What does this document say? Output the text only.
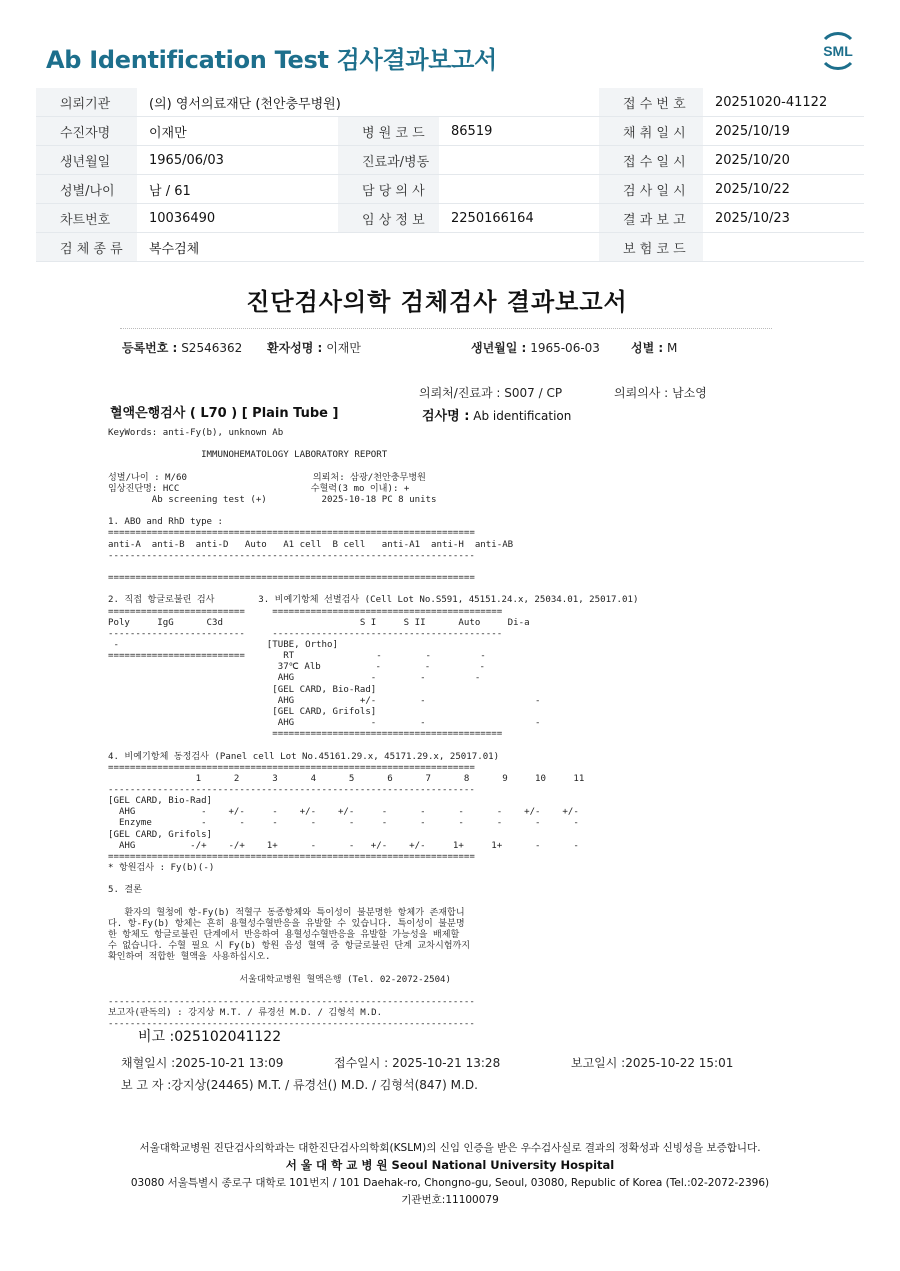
Ab Identification Test 검사결과보고서	SML
의뢰기관	(의) 영서의료재단 (천안충무병원)			접 수 번 호	20251020-41122
수진자명	이재만	병 원 코 드	86519	채 취 일 시	2025/10/19
생년월일	1965/06/03	진료과/병동		접 수 일 시	2025/10/20
성별/나이	남 / 61	담 당 의 사		검 사 일 시	2025/10/22
차트번호	10036490	임 상 정 보	2250166164	결 과 보 고	2025/10/23
검 체 종 류	복수검체			보 험 코 드	
진단검사의학 검체검사 결과보고서
등록번호 : S2546362 환자성명 : 이재만	생년월일 : 1965-06-03	성별 : M
의뢰처/진료과 : S007 / CP	의뢰의사 : 남소영
혈액은행검사 ( L70 ) [ Plain Tube ]	검사명 : Ab identification
KeyWords: anti-Fy(b), unknown Ab

IMMUNOHEMATOLOGY LABORATORY REPORT

성별/나이 : M/60                       의뢰처: 삼광/천안충무병원
임상진단명: HCC                        수혈력(3 mo 이내): +
Ab screening test (+)          2025-10-18 PC 8 units

1. ABO and RhD type :
===================================================================
anti-A  anti-B  anti-D   Auto   A1 cell  B cell   anti-A1  anti-H  anti-AB
-------------------------------------------------------------------

===================================================================

2. 직접 항글로불린 검사        3. 비예기항체 선별검사 (Cell Lot No.S591, 45151.24.x, 25034.01, 25017.01)
=========================     ==========================================
Poly     IgG      C3d                         S I     S II      Auto     Di-a
-------------------------     ------------------------------------------
-                           [TUBE, Ortho]
=========================       RT               -        -         -
37℃ Alb          -        -         -
AHG              -        -         -
[GEL CARD, Bio-Rad]
AHG            +/-        -                    -
[GEL CARD, Grifols]
AHG              -        -                    -
==========================================

4. 비예기항체 동정검사 (Panel cell Lot No.45161.29.x, 45171.29.x, 25017.01)
===================================================================
1      2      3      4      5      6      7      8      9     10     11
-------------------------------------------------------------------
[GEL CARD, Bio-Rad]
AHG            -    +/-     -    +/-    +/-     -      -      -      -    +/-    +/-
Enzyme         -      -     -      -      -     -      -      -      -      -      -
[GEL CARD, Grifols]
AHG          -/+    -/+    1+      -      -   +/-    +/-     1+     1+      -      -
===================================================================
* 항원검사 : Fy(b)(-)

5. 결론

환자의 혈청에 항-Fy(b) 적혈구 동종항체와 특이성이 불분명한 항체가 존재합니
다. 항-Fy(b) 항체는 흔히 용혈성수혈반응을 유발할 수 있습니다. 특이성이 불분명
한 항체도 항글로불린 단계에서 반응하여 용혈성수혈반응을 유발할 가능성을 배제할
수 없습니다. 수혈 필요 시 Fy(b) 항원 음성 혈액 중 항글로불린 단계 교차시험까지
확인하여 적합한 혈액을 사용하십시오.

서울대학교병원 혈액은행 (Tel. 02-2072-2504)

-------------------------------------------------------------------
보고자(판독의) : 강지상 M.T. / 류경선 M.D. / 김형석 M.D.
-------------------------------------------------------------------

비고 :025102041122
채혈일시 :2025-10-21 13:09	접수일시 : 2025-10-21 13:28	보고일시 :2025-10-22 15:01
보 고 자 :강지상(24465) M.T. / 류경선() M.D. / 김형석(847) M.D.
서울대학교병원 진단검사의학과는 대한진단검사의학회(KSLM)의 신임 인증을 받은 우수검사실로 결과의 정확성과 신빙성을 보증합니다.
서 울 대 학 교 병 원 Seoul National University Hospital
03080 서울특별시 종로구 대학로 101번지 / 101 Daehak-ro, Chongno-gu, Seoul, 03080, Republic of Korea (Tel.:02-2072-2396)
기관번호:11100079
